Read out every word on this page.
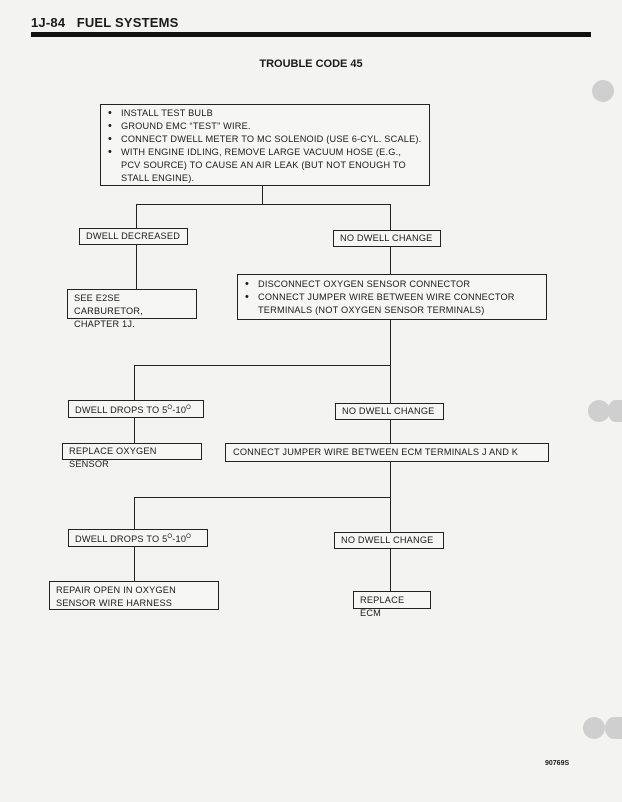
1J-84 FUEL SYSTEMS
TROUBLE CODE 45
• INSTALL TEST BULB
• GROUND EMC “TEST” WIRE.
• CONNECT DWELL METER TO MC SOLENOID (USE 6-CYL. SCALE).
• WITH ENGINE IDLING, REMOVE LARGE VACUUM HOSE (E.G., PCV SOURCE) TO CAUSE AN AIR LEAK (BUT NOT ENOUGH TO STALL ENGINE).
DWELL DECREASED	NO DWELL CHANGE
SEE E2SE CARBURETOR, CHAPTER 1J.
• DISCONNECT OXYGEN SENSOR CONNECTOR
• CONNECT JUMPER WIRE BETWEEN WIRE CONNECTOR TERMINALS (NOT OXYGEN SENSOR TERMINALS)
DWELL DROPS TO $5^O-10^O$	NO DWELL CHANGE
REPLACE OXYGEN SENSOR
CONNECT JUMPER WIRE BETWEEN ECM TERMINALS J AND K
DWELL DROPS TO $5^O-10^O$	NO DWELL CHANGE
REPAIR OPEN IN OXYGEN SENSOR WIRE HARNESS	REPLACE ECM
90769S
